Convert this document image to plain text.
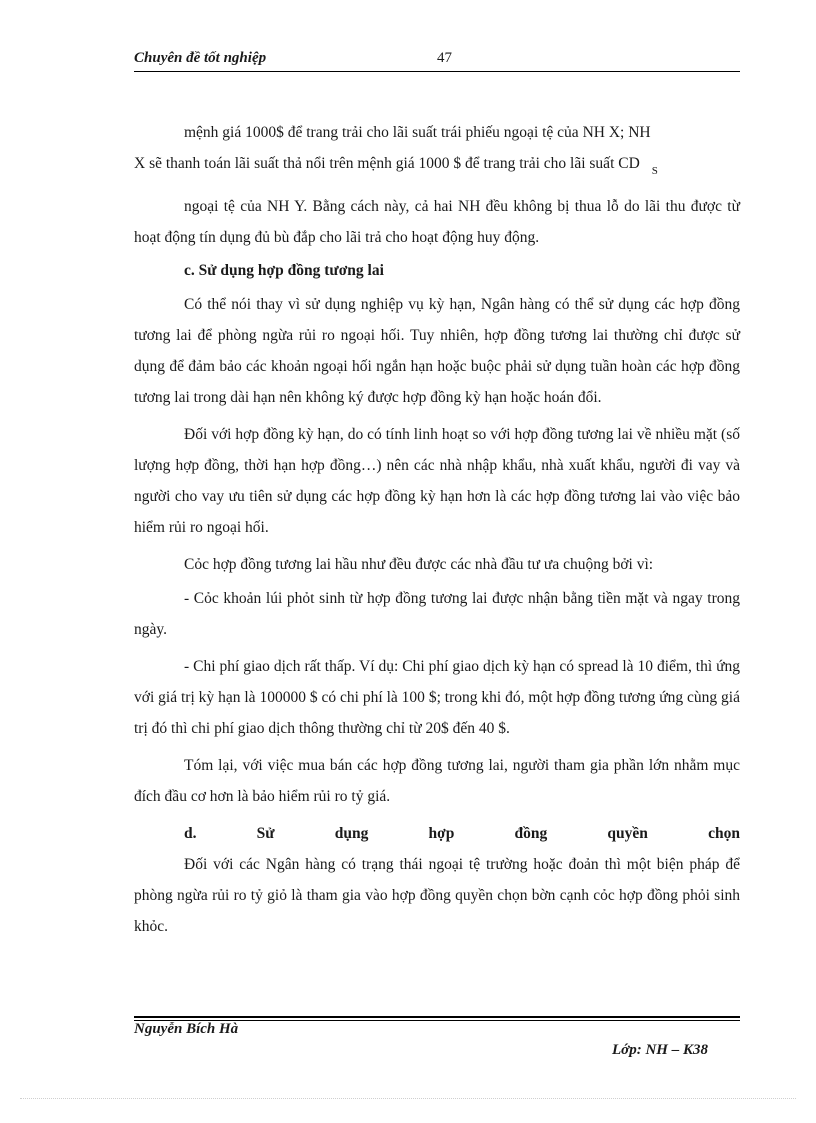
Chuyên đề tốt nghiệp	47

mệnh giá 1000$ để trang trải cho lãi suất trái phiếu ngoại tệ của NH X; NH

X sẽ thanh toán lãi suất thả nổi trên mệnh giá 1000 $ để trang trải cho lãi suất CD $_S$

ngoại tệ của NH Y. Bằng cách này, cả hai NH đều không bị thua lỗ do lãi thu được từ hoạt động tín dụng đủ bù đắp cho lãi trả cho hoạt động huy động.

c. Sử dụng hợp đồng tương lai

Có thể nói thay vì sử dụng nghiệp vụ kỳ hạn, Ngân hàng có thể sử dụng các hợp đồng tương lai để phòng ngừa rủi ro ngoại hối. Tuy nhiên, hợp đồng tương lai thường chỉ được sử dụng để đảm bảo các khoản ngoại hối ngắn hạn hoặc buộc phải sử dụng tuần hoàn các hợp đồng tương lai trong dài hạn nên không ký được hợp đồng kỳ hạn hoặc hoán đổi.

Đối với hợp đồng kỳ hạn, do có tính linh hoạt so với hợp đồng tương lai về nhiều mặt (số lượng hợp đồng, thời hạn hợp đồng…) nên các nhà nhập khẩu, nhà xuất khẩu, người đi vay và người cho vay ưu tiên sử dụng các hợp đồng kỳ hạn hơn là các hợp đồng tương lai vào việc bảo hiểm rủi ro ngoại hối.

Cỏc hợp đồng tương lai hầu như đều được các nhà đầu tư ưa chuộng bởi vì:

- Cỏc khoản lúi phỏt sinh từ hợp đồng tương lai được nhận bằng tiền mặt và ngay trong ngày.

- Chi phí giao dịch rất thấp. Ví dụ: Chi phí giao dịch kỳ hạn có spread là 10 điểm, thì ứng với giá trị kỳ hạn là 100000 $ có chi phí là 100 $; trong khi đó, một hợp đồng tương ứng cùng giá trị đó thì chi phí giao dịch thông thường chỉ từ 20$ đến 40 $.

Tóm lại, với việc mua bán các hợp đồng tương lai, người tham gia phần lớn nhằm mục đích đầu cơ hơn là bảo hiểm rủi ro tỷ giá.

d.	Sử	dụng	hợp	đồng	quyền	chọn

Đối với các Ngân hàng có trạng thái ngoại tệ trường hoặc đoản thì một biện pháp để phòng ngừa rủi ro tỷ giỏ là tham gia vào hợp đồng quyền chọn bờn cạnh cỏc hợp đồng phỏi sinh khỏc.

Nguyễn Bích Hà
Lớp: NH – K38
